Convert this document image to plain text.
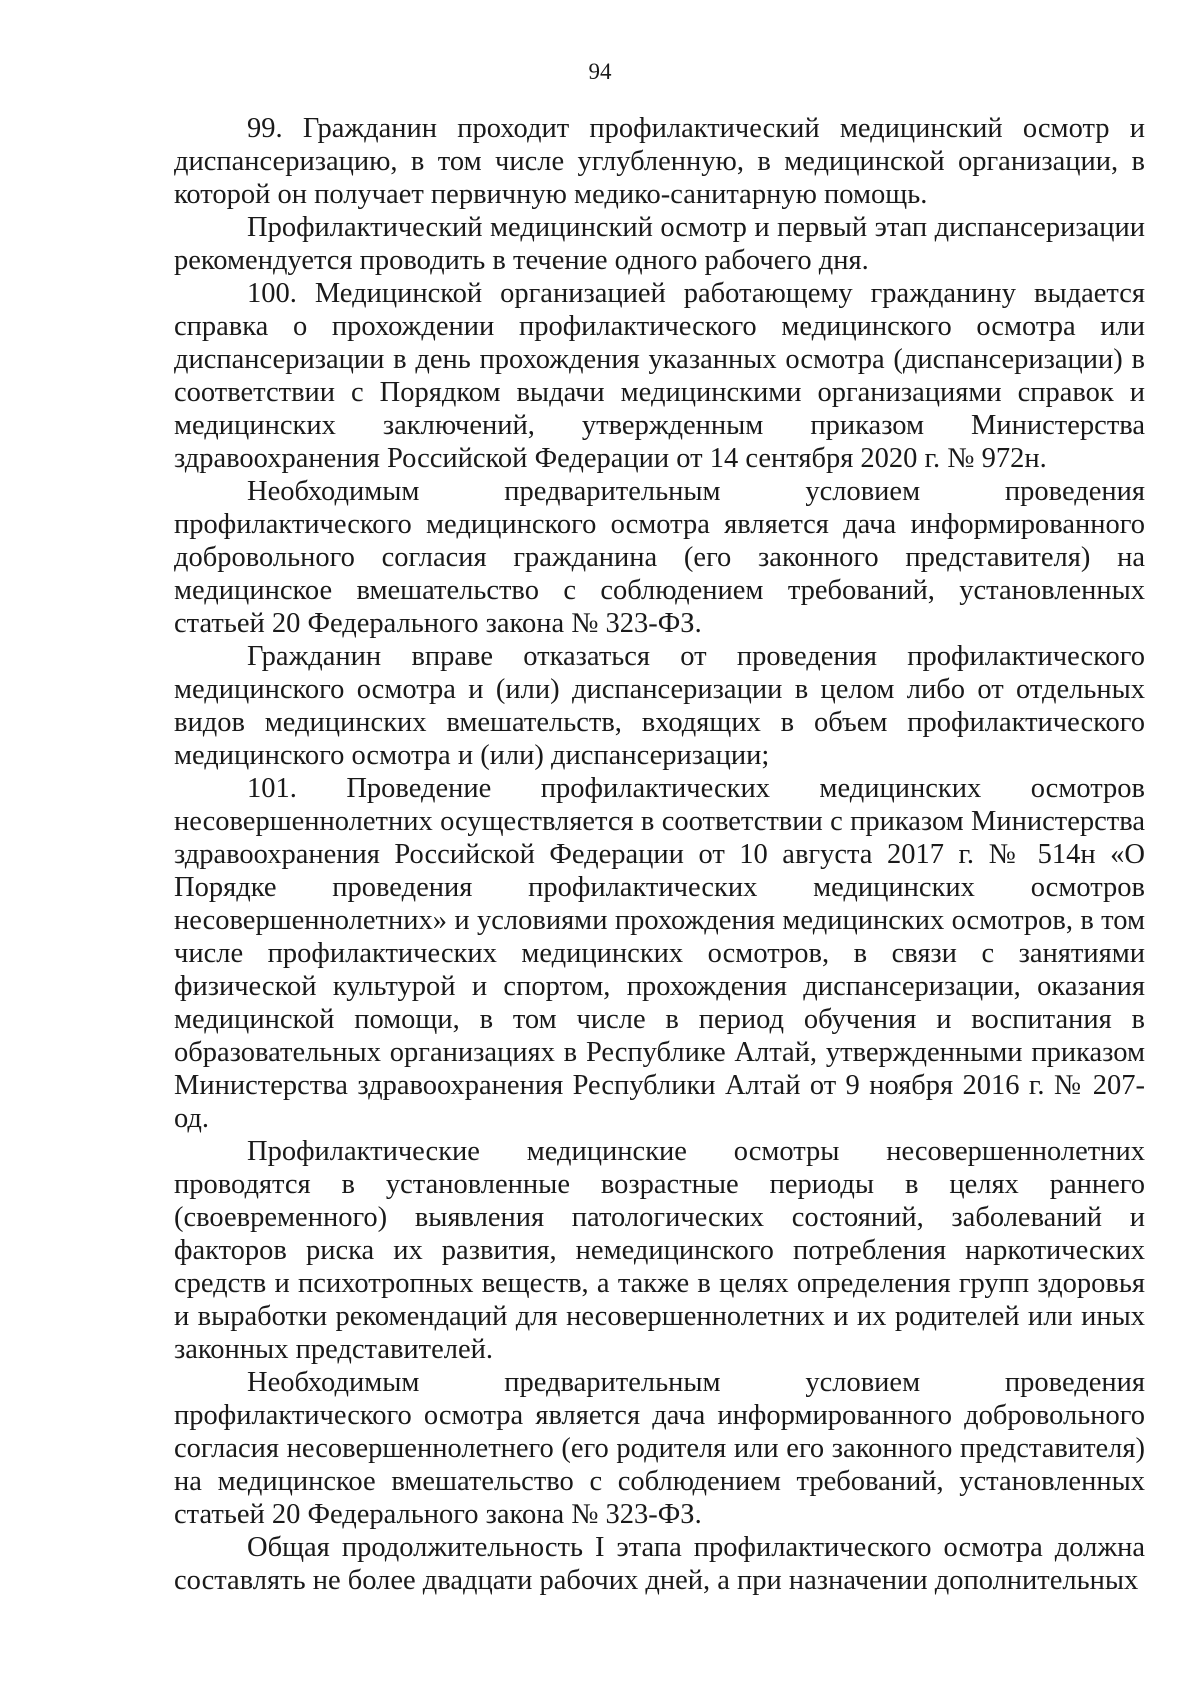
94

99. Гражданин проходит профилактический медицинский осмотр и диспансеризацию, в том числе углубленную, в медицинской организации, в которой он получает первичную медико-санитарную помощь.

Профилактический медицинский осмотр и первый этап диспансеризации рекомендуется проводить в течение одного рабочего дня.

100. Медицинской организацией работающему гражданину выдается справка о прохождении профилактического медицинского осмотра или диспансеризации в день прохождения указанных осмотра (диспансеризации) в соответствии с Порядком выдачи медицинскими организациями справок и медицинских заключений, утвержденным приказом Министерства здравоохранения Российской Федерации от 14 сентября 2020 г. № 972н.

Необходимым предварительным условием проведения профилактического медицинского осмотра является дача информированного добровольного согласия гражданина (его законного представителя) на медицинское вмешательство с соблюдением требований, установленных статьей 20 Федерального закона № 323-ФЗ.

Гражданин вправе отказаться от проведения профилактического медицинского осмотра и (или) диспансеризации в целом либо от отдельных видов медицинских вмешательств, входящих в объем профилактического медицинского осмотра и (или) диспансеризации;

101. Проведение профилактических медицинских осмотров несовершеннолетних осуществляется в соответствии с приказом Министерства здравоохранения Российской Федерации от 10 августа 2017 г. № 514н «О Порядке проведения профилактических медицинских осмотров несовершеннолетних» и условиями прохождения медицинских осмотров, в том числе профилактических медицинских осмотров, в связи с занятиями физической культурой и спортом, прохождения диспансеризации, оказания медицинской помощи, в том числе в период обучения и воспитания в образовательных организациях в Республике Алтай, утвержденными приказом Министерства здравоохранения Республики Алтай от 9 ноября 2016 г. № 207-од.

Профилактические медицинские осмотры несовершеннолетних проводятся в установленные возрастные периоды в целях раннего (своевременного) выявления патологических состояний, заболеваний и факторов риска их развития, немедицинского потребления наркотических средств и психотропных веществ, а также в целях определения групп здоровья и выработки рекомендаций для несовершеннолетних и их родителей или иных законных представителей.

Необходимым предварительным условием проведения профилактического осмотра является дача информированного добровольного согласия несовершеннолетнего (его родителя или его законного представителя) на медицинское вмешательство с соблюдением требований, установленных статьей 20 Федерального закона № 323-ФЗ.

Общая продолжительность I этапа профилактического осмотра должна составлять не более двадцати рабочих дней, а при назначении дополнительных
